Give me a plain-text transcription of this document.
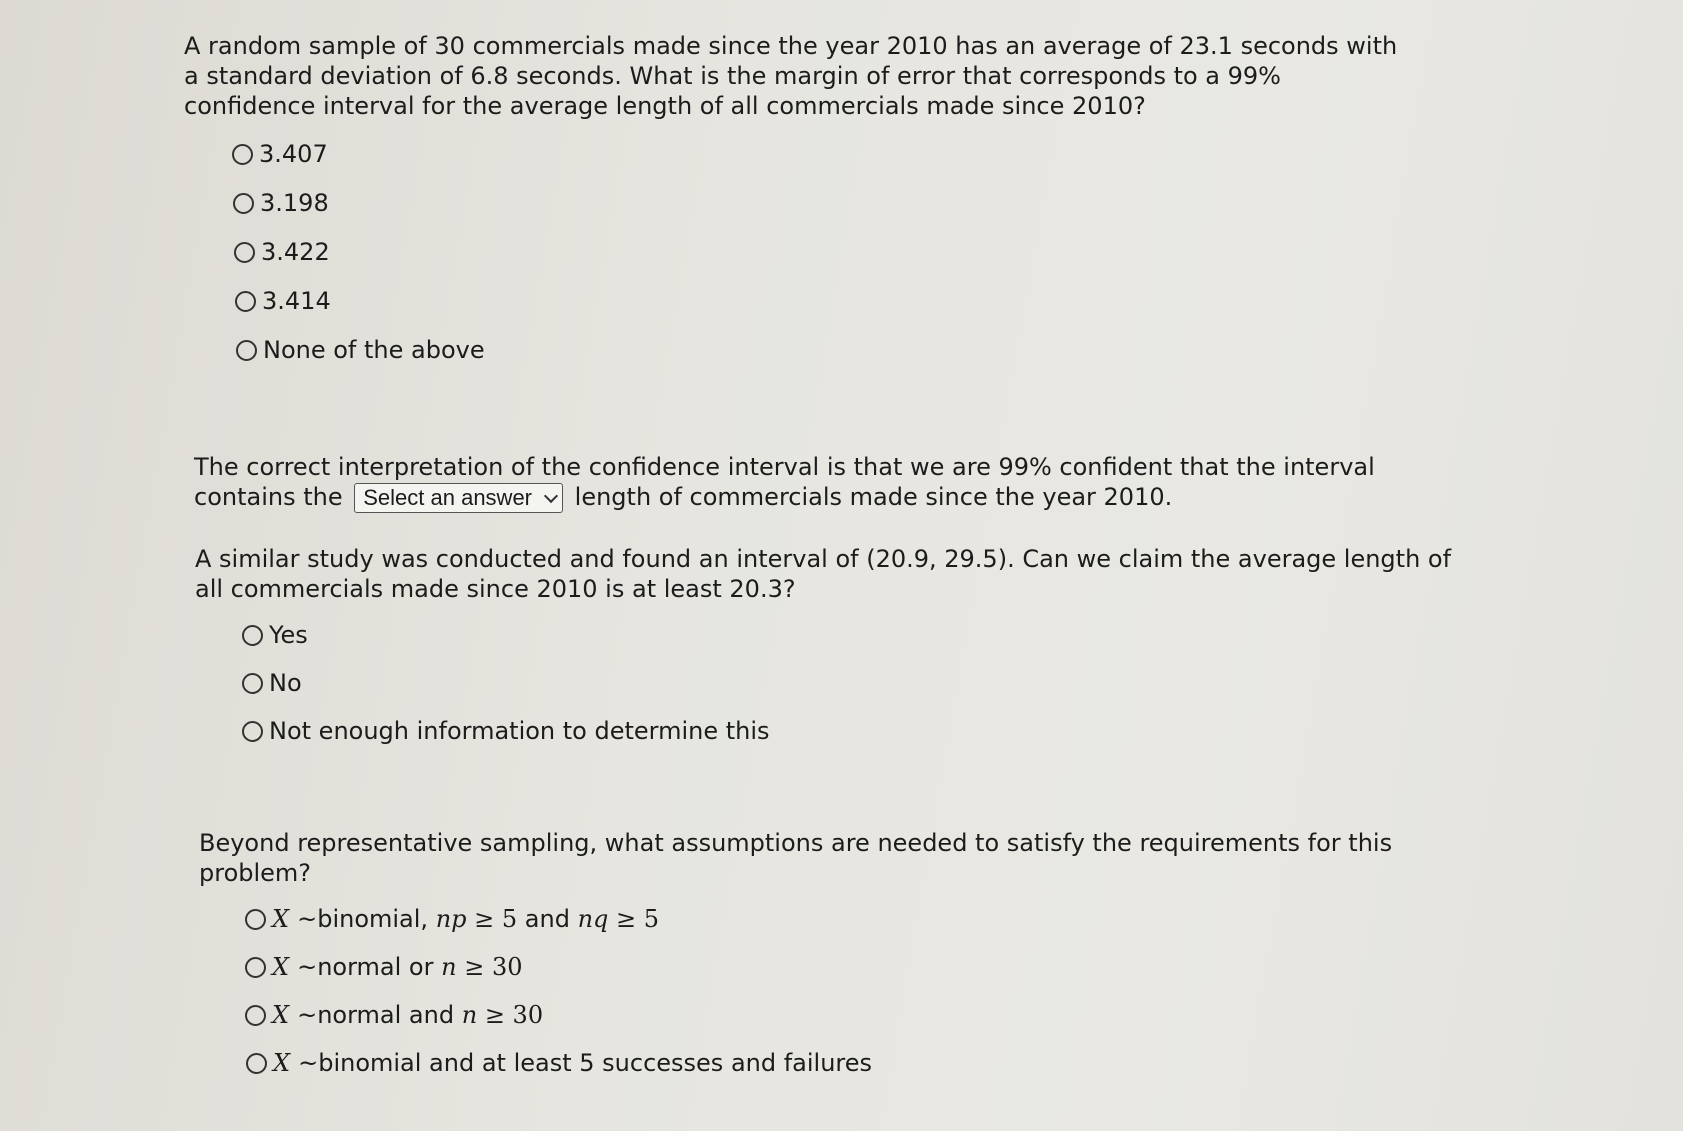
A random sample of 30 commercials made since the year 2010 has an average of 23.1 seconds with a standard deviation of 6.8 seconds. What is the margin of error that corresponds to a 99% confidence interval for the average length of all commercials made since 2010?

3.407
3.198
3.422
3.414
None of the above
The correct interpretation of the confidence interval is that we are 99% confident that the interval contains the Select an answer length of commercials made since the year 2010.

A similar study was conducted and found an interval of (20.9, 29.5). Can we claim the average length of all commercials made since 2010 is at least 20.3?

Yes
No
Not enough information to determine this

Beyond representative sampling, what assumptions are needed to satisfy the requirements for this problem?

X ~ binomial, np ≥ 5 and nq ≥ 5
X ~ normal or n ≥ 30
X ~ normal and n ≥ 30
X ~ binomial and at least 5 successes and failures
